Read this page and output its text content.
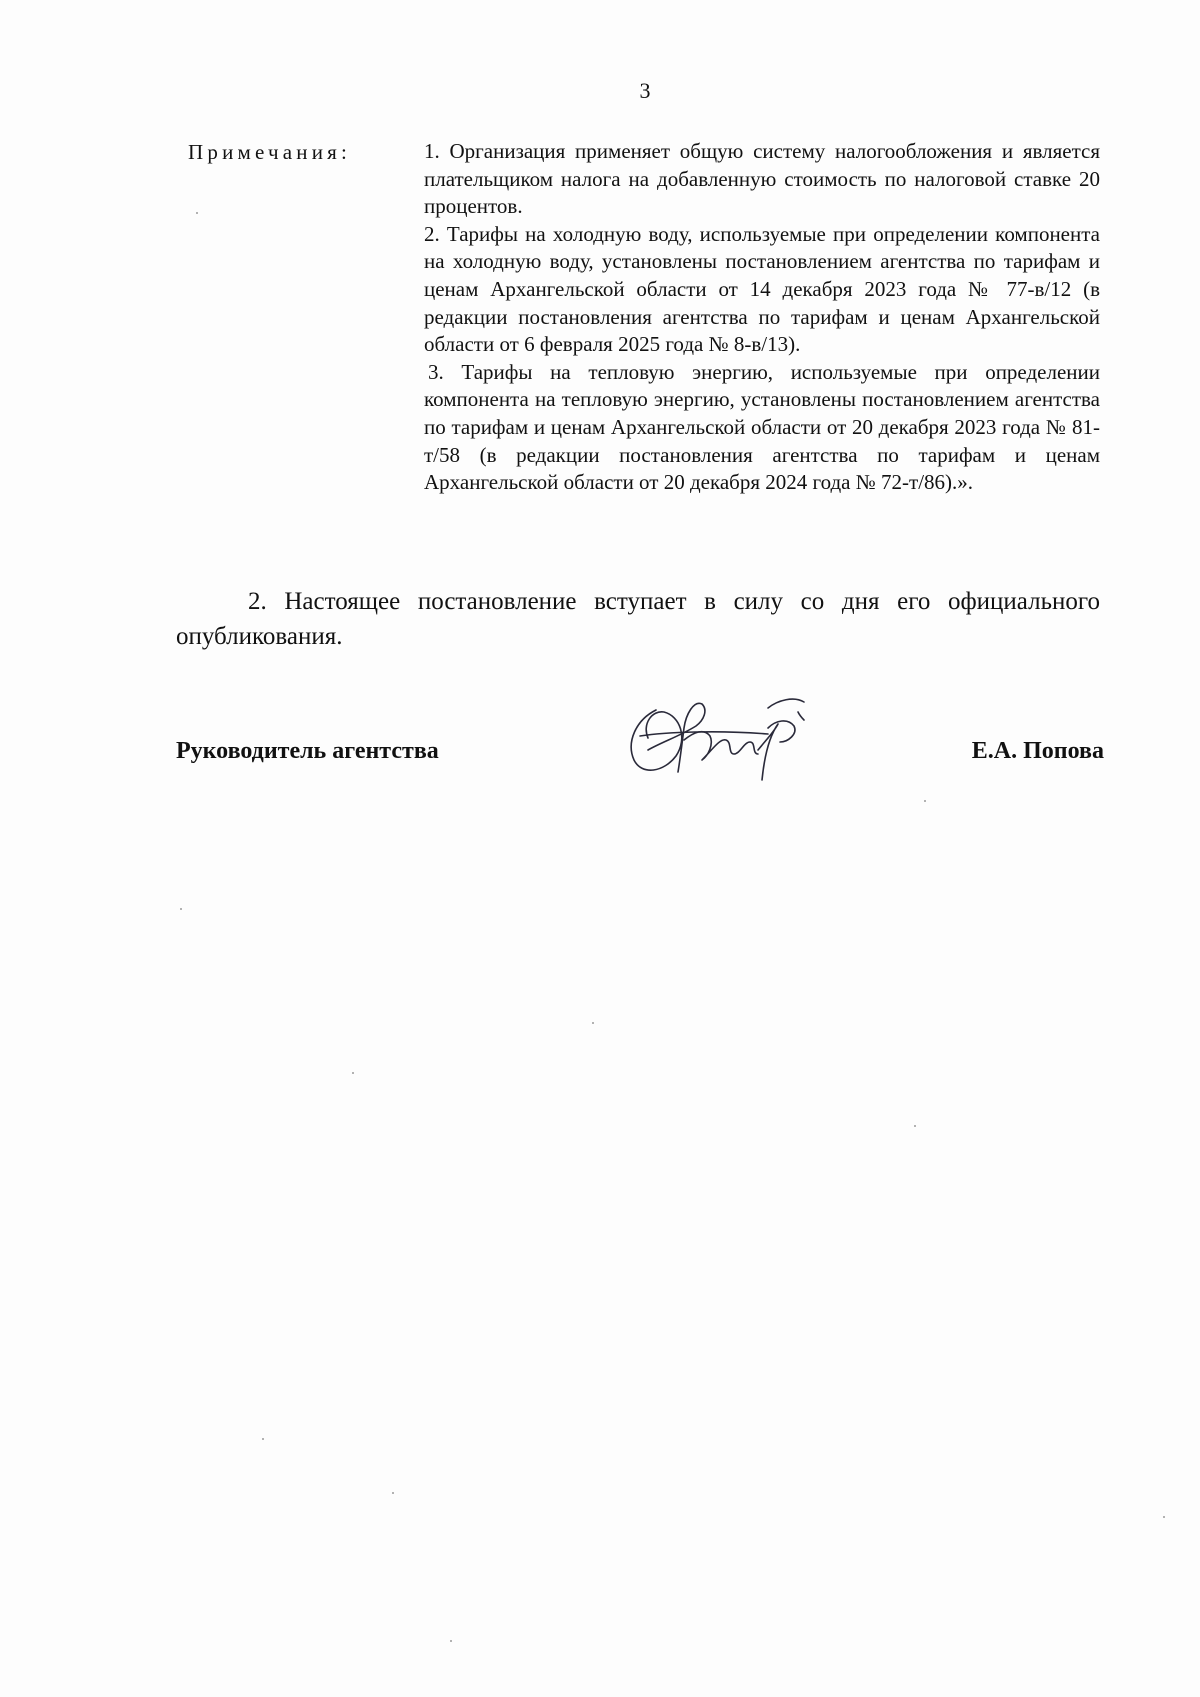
3
Примечания:	1. Организация применяет общую систему налогообложения и является плательщиком налога на добавленную стоимость по налоговой ставке 20 процентов.

2. Тарифы на холодную воду, используемые при определении компонента на холодную воду, установлены постановлением агентства по тарифам и ценам Архангельской области от 14 декабря 2023 года № 77-в/12 (в редакции постановления агентства по тарифам и ценам Архангельской области от 6 февраля 2025 года № 8-в/13).

3. Тарифы на тепловую энергию, используемые при определении компонента на тепловую энергию, установлены постановлением агентства по тарифам и ценам Архангельской области от 20 декабря 2023 года № 81-т/58 (в редакции постановления агентства по тарифам и ценам Архангельской области от 20 декабря 2024 года № 72-т/86).».

2. Настоящее постановление вступает в силу со дня его официального опубликования.

Руководитель агентства	Е.А. Попова
